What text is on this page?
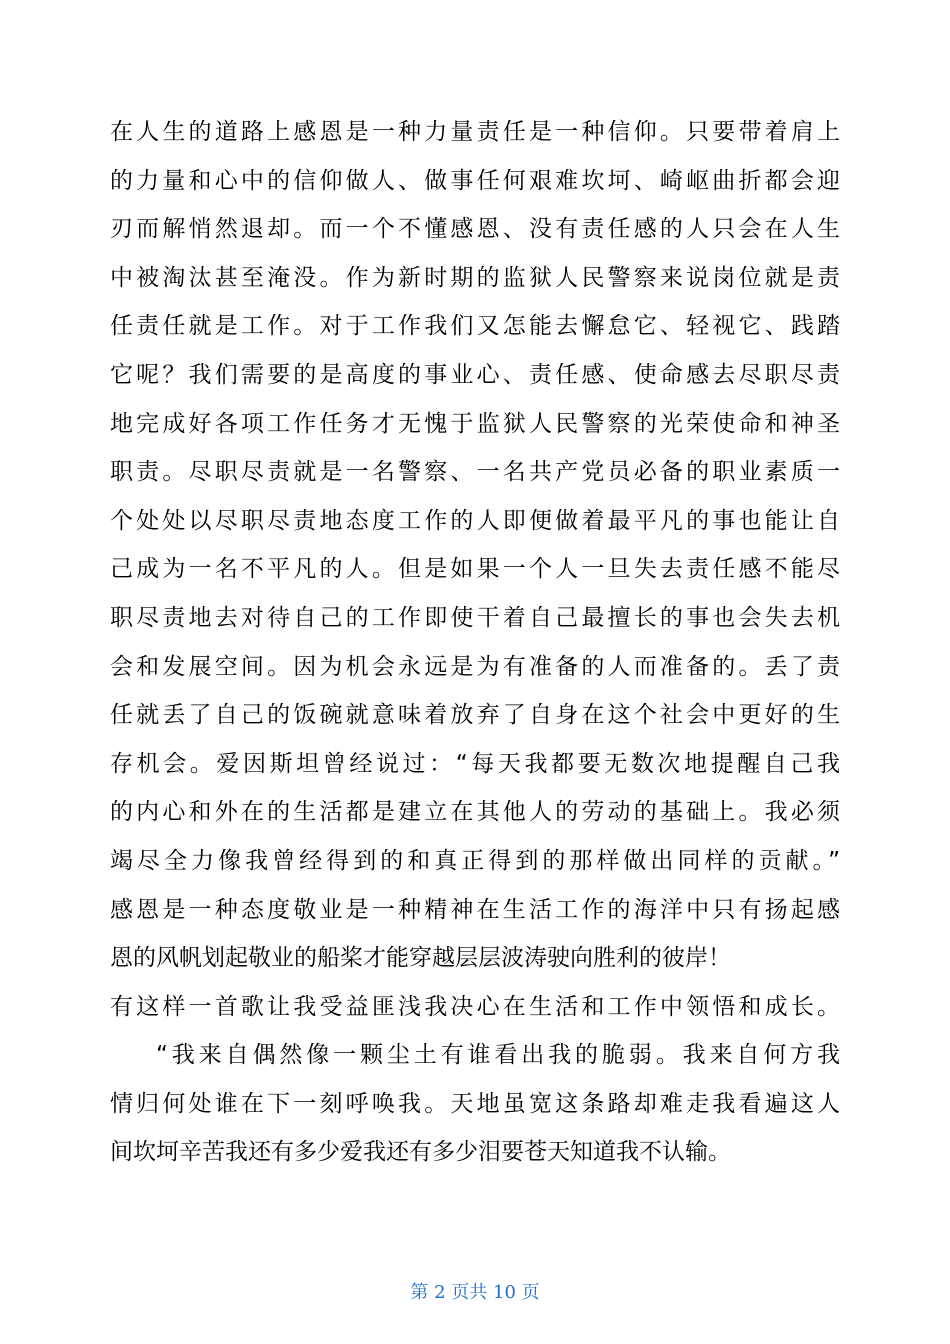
在人生的道路上感恩是一种力量责任是一种信仰。只要带着肩上
的力量和心中的信仰做人、做事任何艰难坎坷、崎岖曲折都会迎
刃而解悄然退却。而一个不懂感恩、没有责任感的人只会在人生
中被淘汰甚至淹没。作为新时期的监狱人民警察来说岗位就是责
任责任就是工作。对于工作我们又怎能去懈怠它、轻视它、践踏
它呢？我们需要的是高度的事业心、责任感、使命感去尽职尽责
地完成好各项工作任务才无愧于监狱人民警察的光荣使命和神圣
职责。尽职尽责就是一名警察、一名共产党员必备的职业素质一
个处处以尽职尽责地态度工作的人即便做着最平凡的事也能让自
己成为一名不平凡的人。但是如果一个人一旦失去责任感不能尽
职尽责地去对待自己的工作即使干着自己最擅长的事也会失去机
会和发展空间。因为机会永远是为有准备的人而准备的。丢了责
任就丢了自己的饭碗就意味着放弃了自身在这个社会中更好的生
存机会。爱因斯坦曾经说过：“每天我都要无数次地提醒自己我
的内心和外在的生活都是建立在其他人的劳动的基础上。我必须
竭尽全力像我曾经得到的和真正得到的那样做出同样的贡献。”
感恩是一种态度敬业是一种精神在生活工作的海洋中只有扬起感
恩的风帆划起敬业的船桨才能穿越层层波涛驶向胜利的彼岸！
有这样一首歌让我受益匪浅我决心在生活和工作中领悟和成长。
“我来自偶然像一颗尘土有谁看出我的脆弱。我来自何方我
情归何处谁在下一刻呼唤我。天地虽宽这条路却难走我看遍这人
间坎坷辛苦我还有多少爱我还有多少泪要苍天知道我不认输。
第 2 页共 10 页
